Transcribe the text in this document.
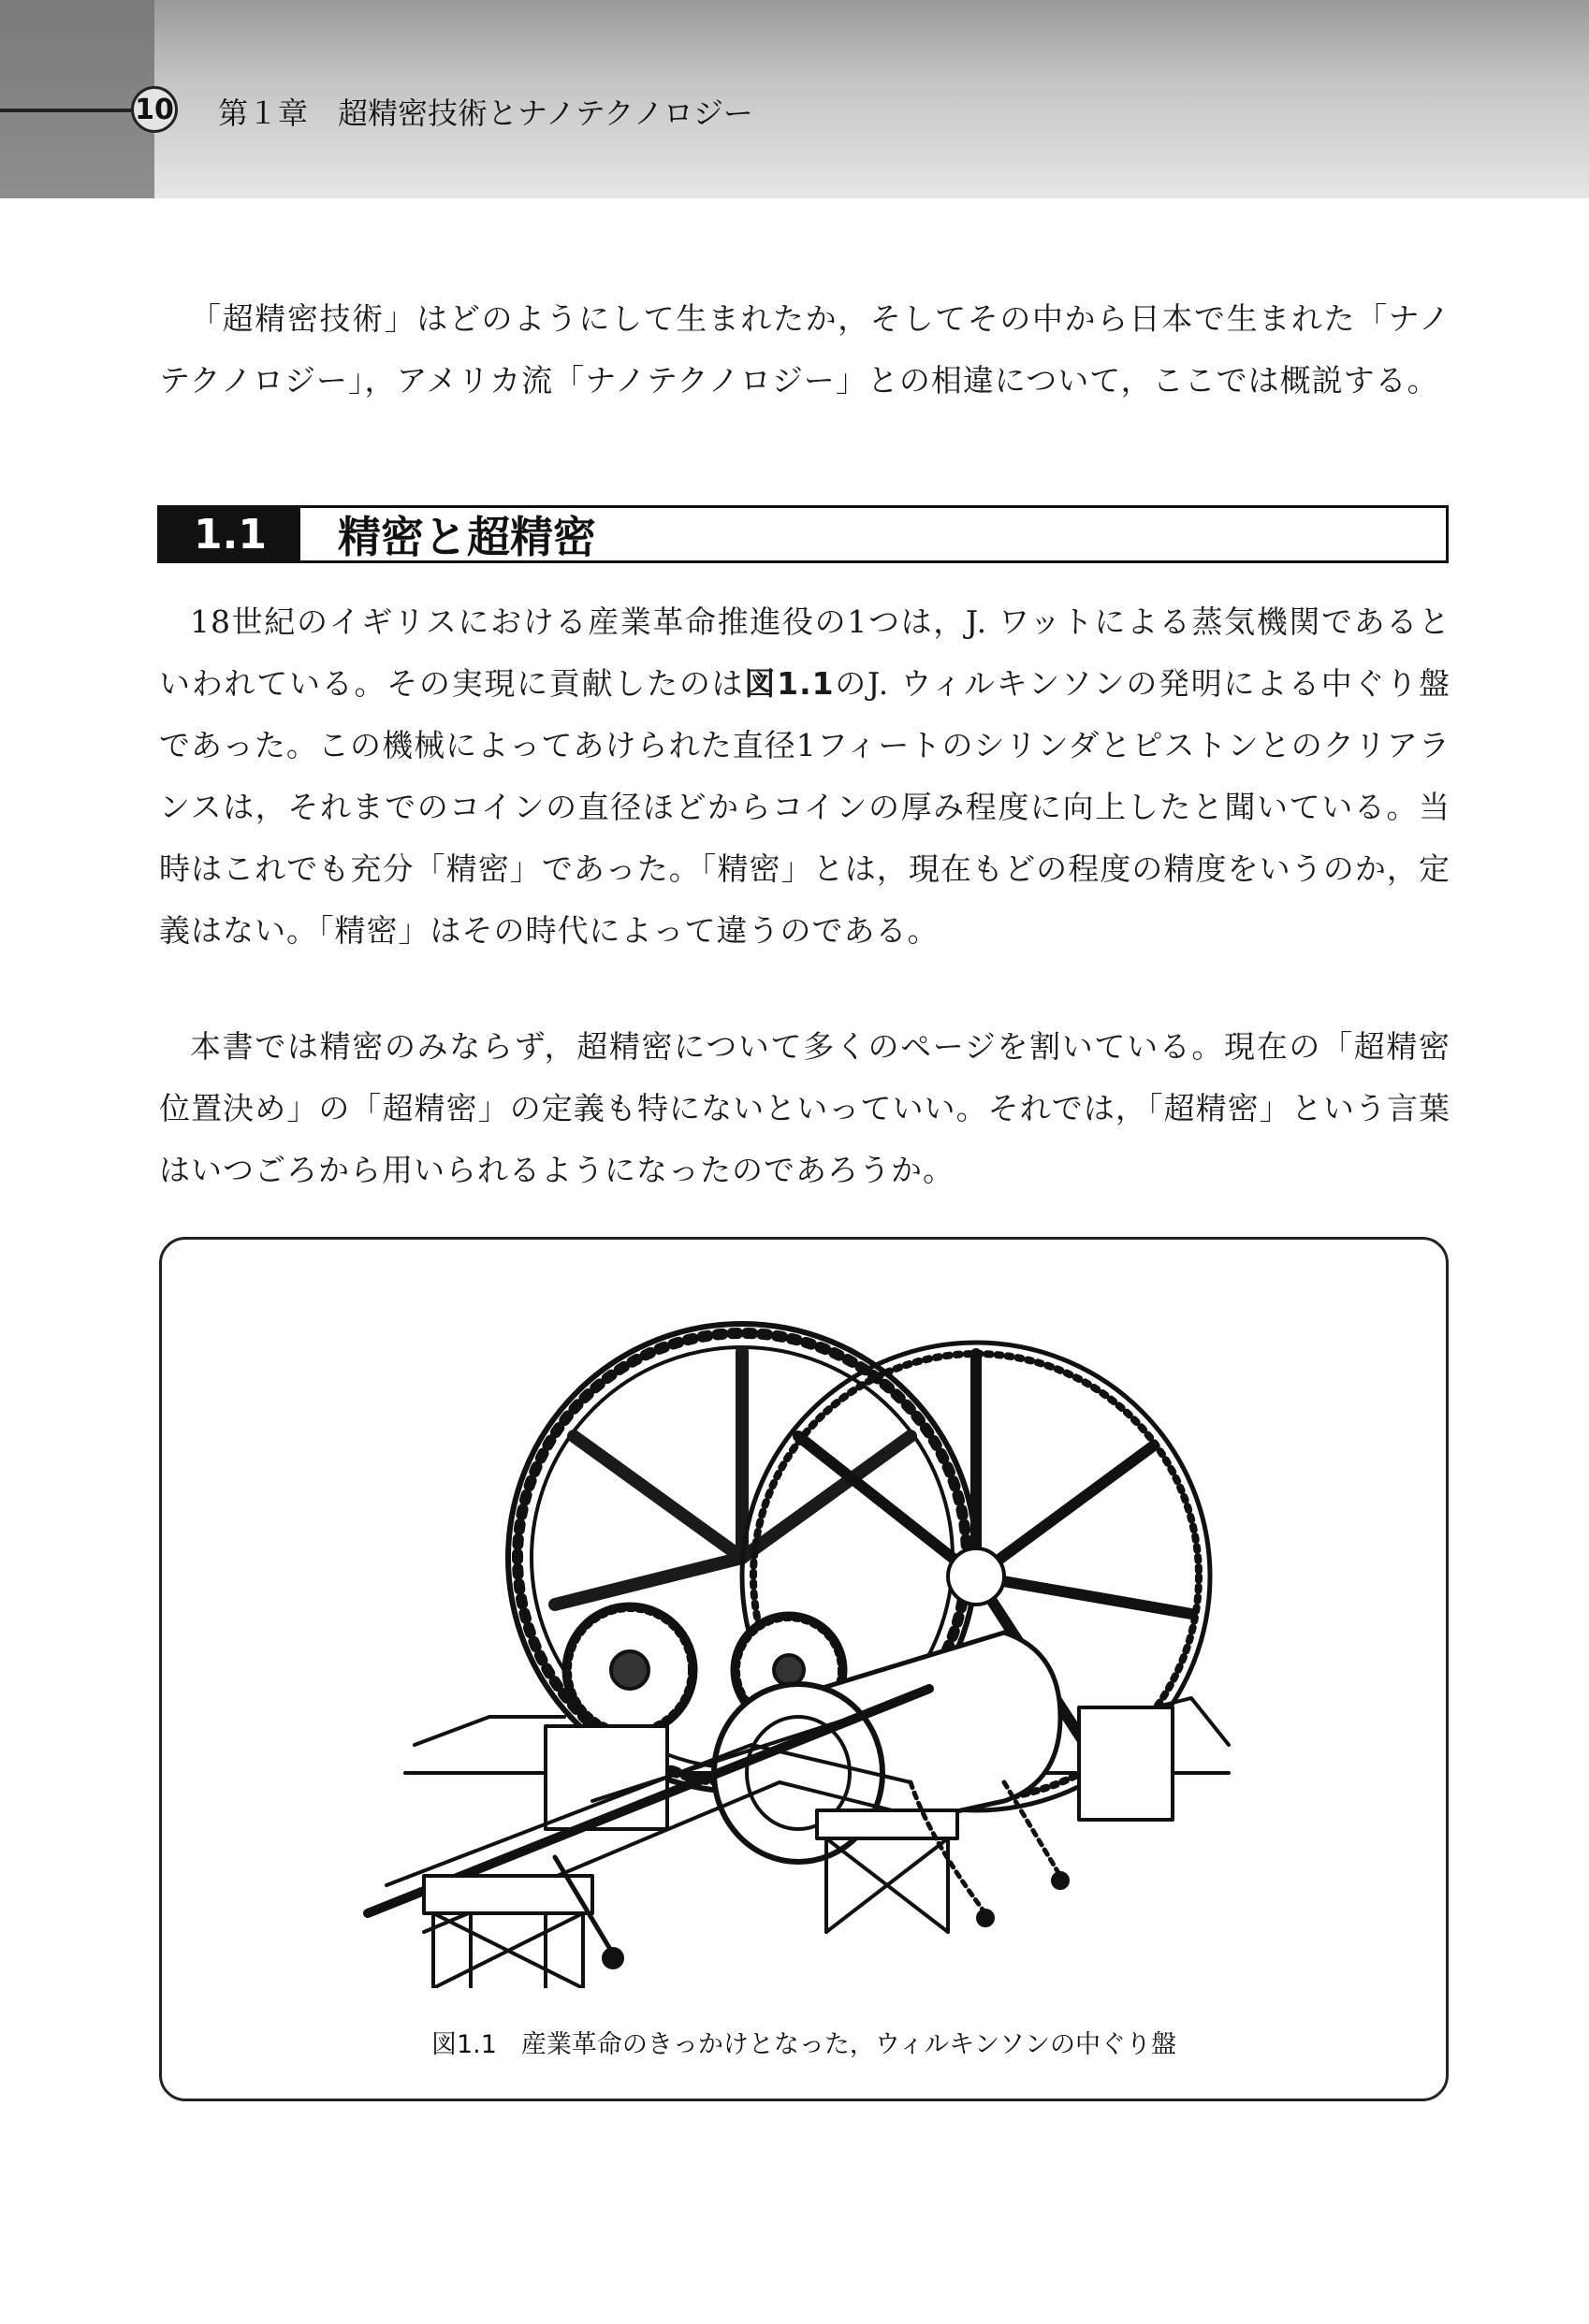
10 第１章　超精密技術とナノテクノロジー

「超精密技術」はどのようにして生まれたか，そしてその中から日本で生まれた「ナノテクノロジー」，アメリカ流「ナノテクノロジー」との相違について，ここでは概説する。

1.1	精密と超精密

18世紀のイギリスにおける産業革命推進役の1つは，J. ワットによる蒸気機関であるといわれている。その実現に貢献したのは図1.1のJ. ウィルキンソンの発明による中ぐり盤であった。この機械によってあけられた直径1フィートのシリンダとピストンとのクリアランスは，それまでのコインの直径ほどからコインの厚み程度に向上したと聞いている。当時はこれでも充分「精密」であった。「精密」とは，現在もどの程度の精度をいうのか，定義はない。「精密」はその時代によって違うのである。

本書では精密のみならず，超精密について多くのページを割いている。現在の「超精密位置決め」の「超精密」の定義も特にないといっていい。それでは，「超精密」という言葉はいつごろから用いられるようになったのであろうか。

図1.1 産業革命のきっかけとなった，ウィルキンソンの中ぐり盤
